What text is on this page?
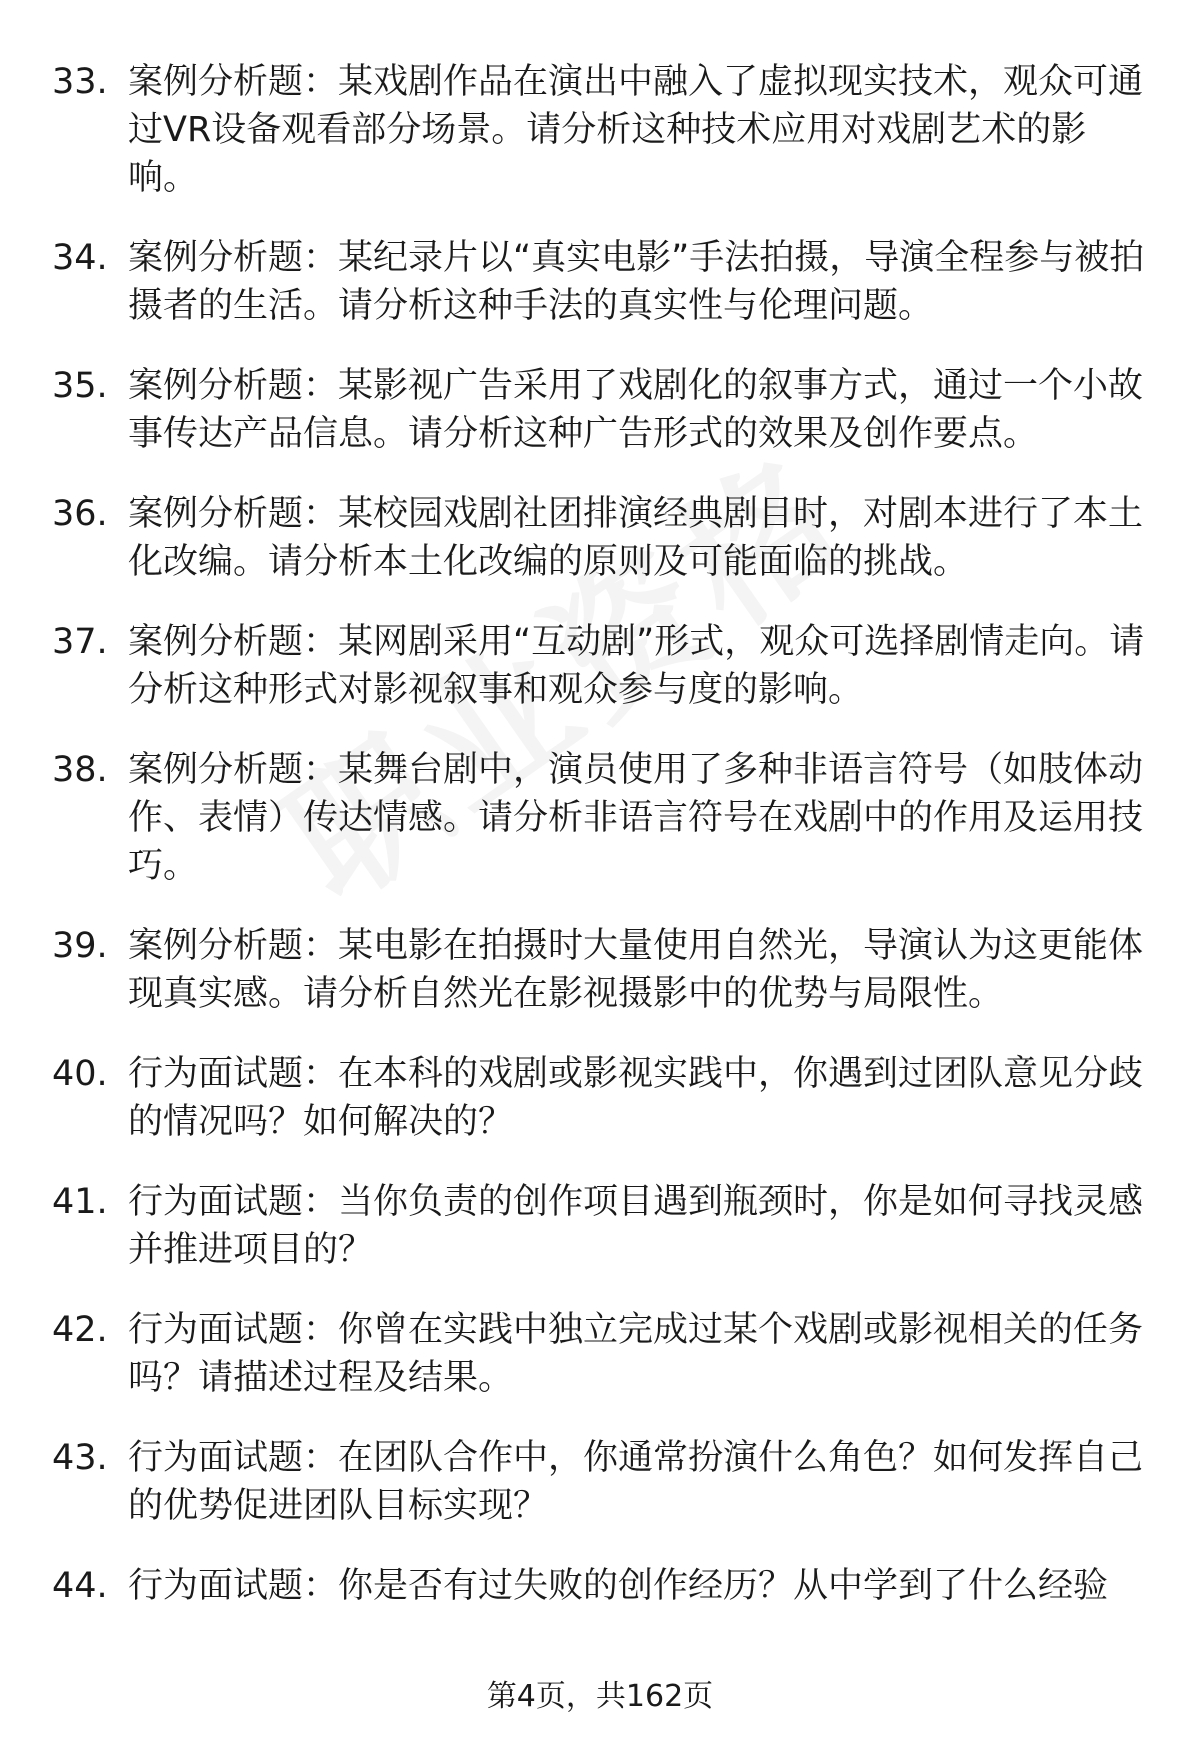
33. 案例分析题：某戏剧作品在演出中融入了虚拟现实技术，观众可通过VR设备观看部分场景。请分析这种技术应用对戏剧艺术的影响。
34. 案例分析题：某纪录片以“真实电影”手法拍摄，导演全程参与被拍摄者的生活。请分析这种手法的真实性与伦理问题。
35. 案例分析题：某影视广告采用了戏剧化的叙事方式，通过一个小故事传达产品信息。请分析这种广告形式的效果及创作要点。
36. 案例分析题：某校园戏剧社团排演经典剧目时，对剧本进行了本土化改编。请分析本土化改编的原则及可能面临的挑战。
37. 案例分析题：某网剧采用“互动剧”形式，观众可选择剧情走向。请分析这种形式对影视叙事和观众参与度的影响。
38. 案例分析题：某舞台剧中，演员使用了多种非语言符号（如肢体动作、表情）传达情感。请分析非语言符号在戏剧中的作用及运用技巧。
39. 案例分析题：某电影在拍摄时大量使用自然光，导演认为这更能体现真实感。请分析自然光在影视摄影中的优势与局限性。
40. 行为面试题：在本科的戏剧或影视实践中，你遇到过团队意见分歧的情况吗？如何解决的？
41. 行为面试题：当你负责的创作项目遇到瓶颈时，你是如何寻找灵感并推进项目的？
42. 行为面试题：你曾在实践中独立完成过某个戏剧或影视相关的任务吗？请描述过程及结果。
43. 行为面试题：在团队合作中，你通常扮演什么角色？如何发挥自己的优势促进团队目标实现？
44. 行为面试题：你是否有过失败的创作经历？从中学到了什么经验
第4页，共162页
